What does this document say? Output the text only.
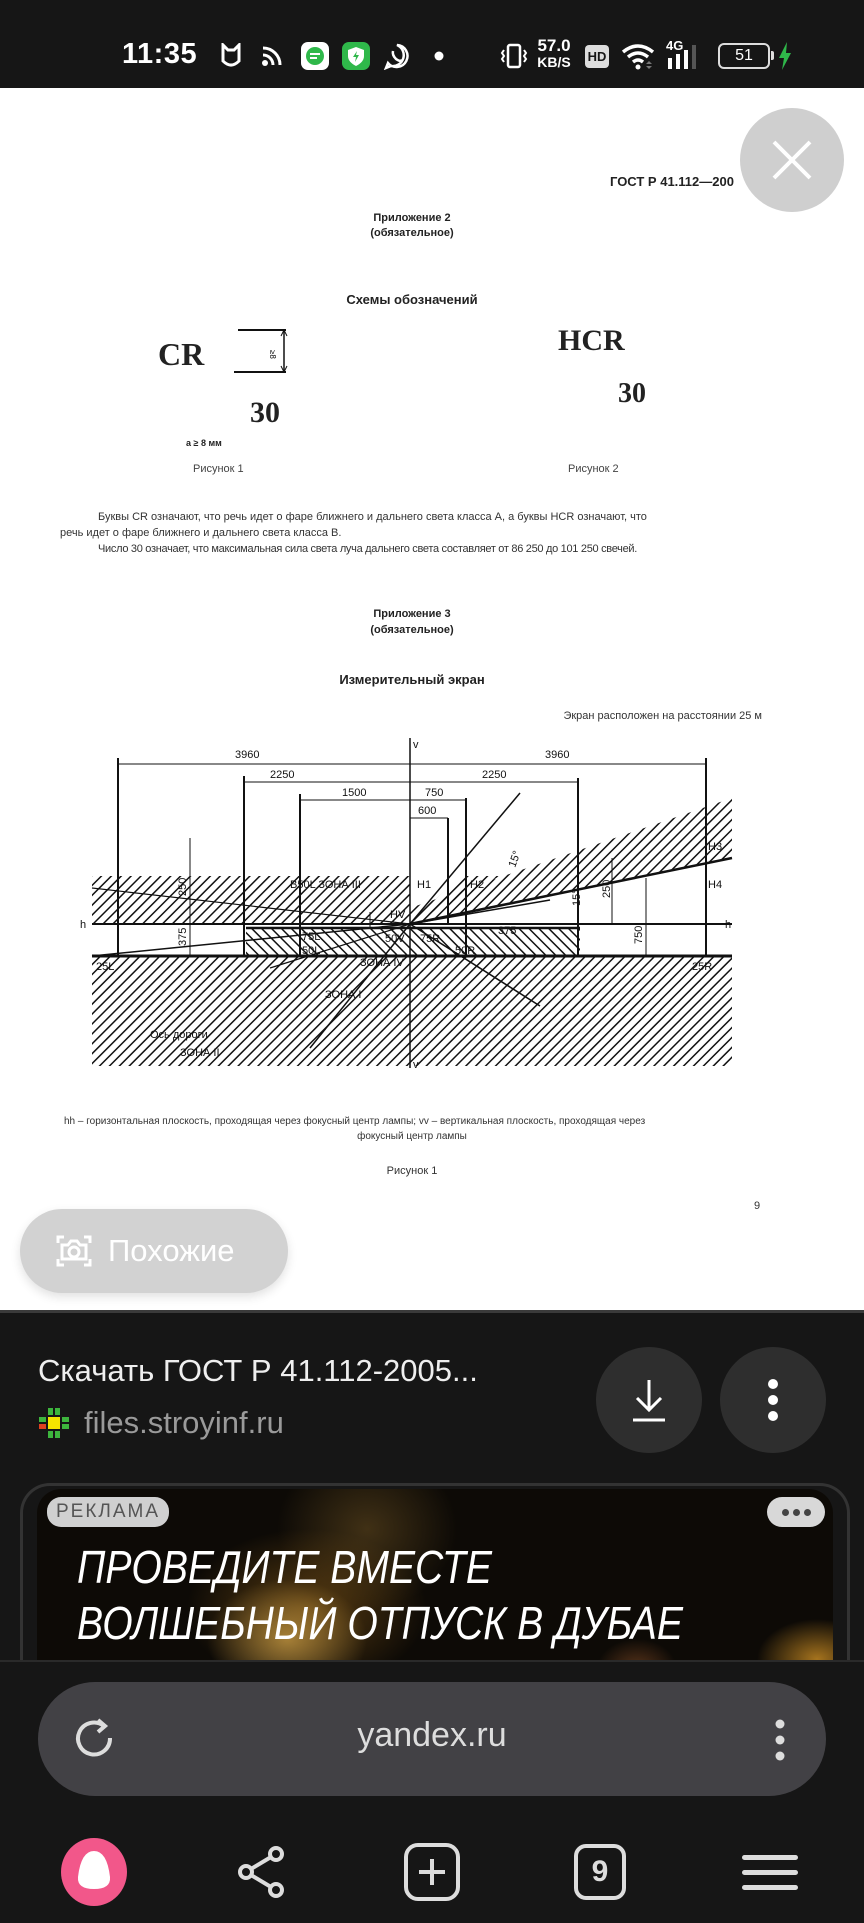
11:35	57.0
KB/S HD
4G
51
ГОСТ Р 41.112—200
Приложение 2
(обязательное)
Схемы обозначений
CR	≥8
30
a ≥ 8 мм
Рисунок 1
HCR
30
Рисунок 2
Буквы CR означают, что речь идет о фаре ближнего и дальнего света класса A, а буквы HCR означают, что
речь идет о фаре ближнего и дальнего света класса B.
Число 30 означает, что максимальная сила света луча дальнего света составляет от 86 250 до 101 250 свечей.
Приложение 3
(обязательное)
Измерительный экран
Экран расположен на расстоянии 25 м
3960
2250
1500	750
600
2250
3960
B50L ЗОНА III	H1	H2
H3
H4
HV
h	h
v
v
75L
50L
50V 75R
50R
ЗОНА IV
ЗОНА I
ЗОНА II
Ось дороги
25L	25R
375
250
375	750
250
15°
15°
hh – горизонтальная плоскость, проходящая через фокусный центр лампы; vv – вертикальная плоскость, проходящая через
фокусный центр лампы
Рисунок 1
9
Похожие
Скачать ГОСТ Р 41.112-2005...
files.stroyinf.ru
РЕКЛАМА
ПРОВЕДИТЕ ВМЕСТЕ
ВОЛШЕБНЫЙ ОТПУСК В ДУБАЕ
yandex.ru
9
